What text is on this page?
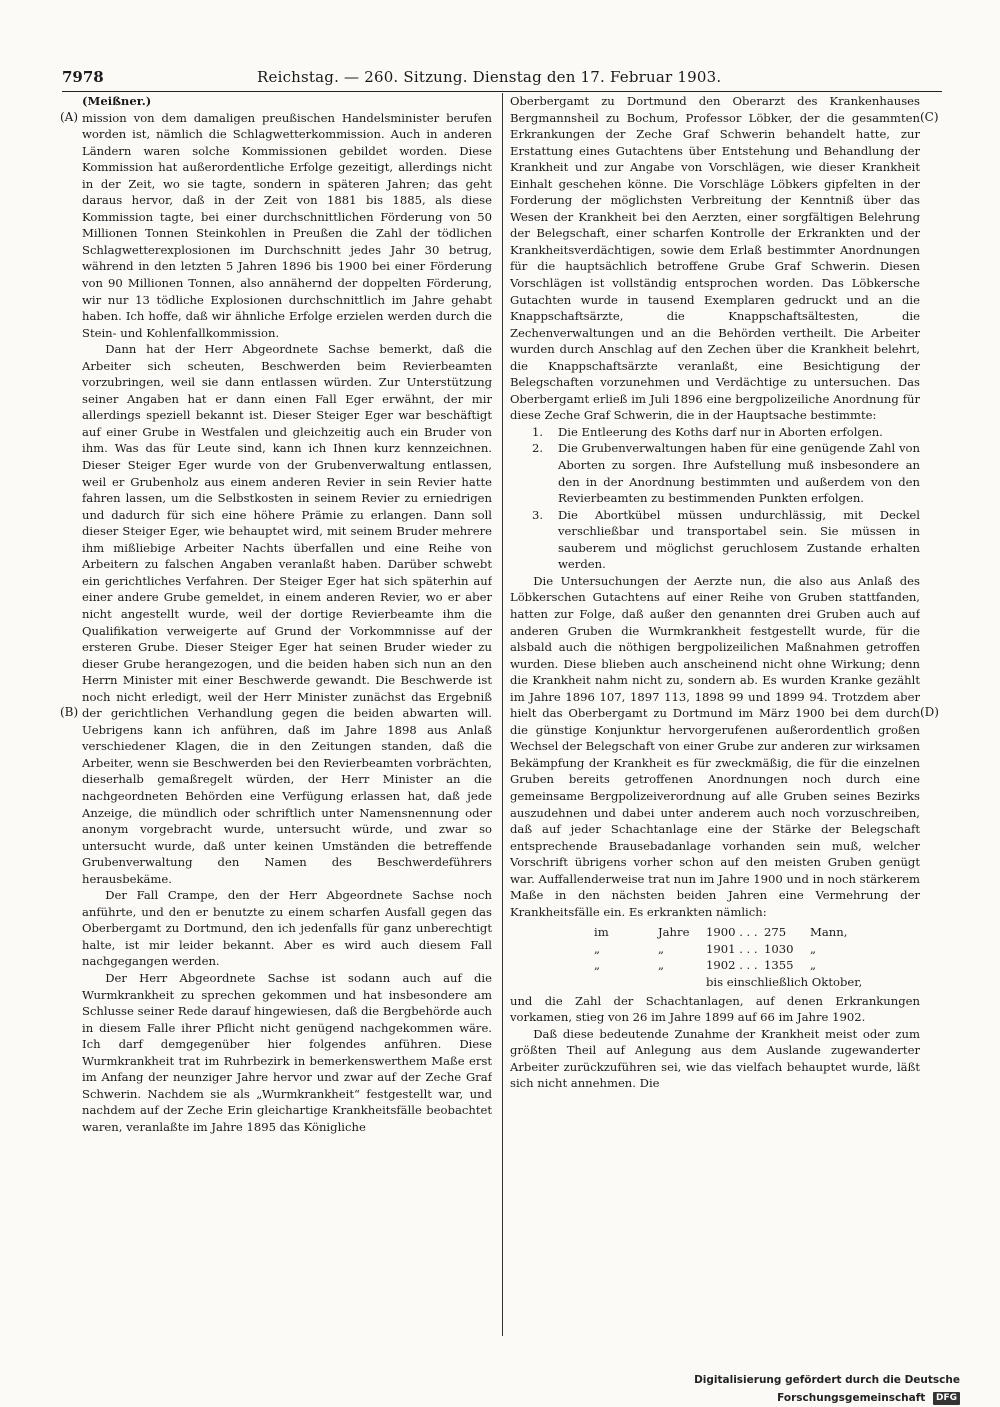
7978	Reichstag. — 260. Sitzung. Dienstag den 17. Februar 1903.
(A)
(B)
(C)
(D)

(Meißner.)

mission von dem damaligen preußischen Handelsminister berufen worden ist, nämlich die Schlagwetterkommission. Auch in anderen Ländern waren solche Kommissionen gebildet worden. Diese Kommission hat außerordentliche Erfolge gezeitigt, allerdings nicht in der Zeit, wo sie tagte, sondern in späteren Jahren; das geht daraus hervor, daß in der Zeit von 1881 bis 1885, als diese Kommission tagte, bei einer durchschnittlichen Förderung von 50 Millionen Tonnen Steinkohlen in Preußen die Zahl der tödlichen Schlagwetterexplosionen im Durchschnitt jedes Jahr 30 betrug, während in den letzten 5 Jahren 1896 bis 1900 bei einer Förderung von 90 Millionen Tonnen, also annähernd der doppelten Förderung, wir nur 13 tödliche Explosionen durchschnittlich im Jahre gehabt haben. Ich hoffe, daß wir ähnliche Erfolge erzielen werden durch die Stein- und Kohlenfallkommission.

Dann hat der Herr Abgeordnete Sachse bemerkt, daß die Arbeiter sich scheuten, Beschwerden beim Revierbeamten vorzubringen, weil sie dann entlassen würden. Zur Unterstützung seiner Angaben hat er dann einen Fall Eger erwähnt, der mir allerdings speziell bekannt ist. Dieser Steiger Eger war beschäftigt auf einer Grube in Westfalen und gleichzeitig auch ein Bruder von ihm. Was das für Leute sind, kann ich Ihnen kurz kennzeichnen. Dieser Steiger Eger wurde von der Grubenverwaltung entlassen, weil er Grubenholz aus einem anderen Revier in sein Revier hatte fahren lassen, um die Selbstkosten in seinem Revier zu erniedrigen und dadurch für sich eine höhere Prämie zu erlangen. Dann soll dieser Steiger Eger, wie behauptet wird, mit seinem Bruder mehrere ihm mißliebige Arbeiter Nachts überfallen und eine Reihe von Arbeitern zu falschen Angaben veranlaßt haben. Darüber schwebt ein gerichtliches Verfahren. Der Steiger Eger hat sich späterhin auf einer andere Grube gemeldet, in einem anderen Revier, wo er aber nicht angestellt wurde, weil der dortige Revierbeamte ihm die Qualifikation verweigerte auf Grund der Vorkommnisse auf der ersteren Grube. Dieser Steiger Eger hat seinen Bruder wieder zu dieser Grube herangezogen, und die beiden haben sich nun an den Herrn Minister mit einer Beschwerde gewandt. Die Beschwerde ist noch nicht erledigt, weil der Herr Minister zunächst das Ergebniß der gerichtlichen Verhandlung gegen die beiden abwarten will. Uebrigens kann ich anführen, daß im Jahre 1898 aus Anlaß verschiedener Klagen, die in den Zeitungen standen, daß die Arbeiter, wenn sie Beschwerden bei den Revierbeamten vorbrächten, dieserhalb gemaßregelt würden, der Herr Minister an die nachgeordneten Behörden eine Verfügung erlassen hat, daß jede Anzeige, die mündlich oder schriftlich unter Namensnennung oder anonym vorgebracht wurde, untersucht würde, und zwar so untersucht wurde, daß unter keinen Umständen die betreffende Grubenverwaltung den Namen des Beschwerdeführers herausbekäme.

Der Fall Crampe, den der Herr Abgeordnete Sachse noch anführte, und den er benutzte zu einem scharfen Ausfall gegen das Oberbergamt zu Dortmund, den ich jedenfalls für ganz unberechtigt halte, ist mir leider bekannt. Aber es wird auch diesem Fall nachgegangen werden.

Der Herr Abgeordnete Sachse ist sodann auch auf die Wurmkrankheit zu sprechen gekommen und hat insbesondere am Schlusse seiner Rede darauf hingewiesen, daß die Bergbehörde auch in diesem Falle ihrer Pflicht nicht genügend nachgekommen wäre. Ich darf demgegenüber hier folgendes anführen. Diese Wurmkrankheit trat im Ruhrbezirk in bemerkenswerthem Maße erst im Anfang der neunziger Jahre hervor und zwar auf der Zeche Graf Schwerin. Nachdem sie als „Wurmkrankheit“ festgestellt war, und nachdem auf der Zeche Erin gleichartige Krankheitsfälle beobachtet waren, veranlaßte im Jahre 1895 das Königliche

Oberbergamt zu Dortmund den Oberarzt des Krankenhauses Bergmannsheil zu Bochum, Professor Löbker, der die gesammten Erkrankungen der Zeche Graf Schwerin behandelt hatte, zur Erstattung eines Gutachtens über Entstehung und Behandlung der Krankheit und zur Angabe von Vorschlägen, wie dieser Krankheit Einhalt geschehen könne. Die Vorschläge Löbkers gipfelten in der Forderung der möglichsten Verbreitung der Kenntniß über das Wesen der Krankheit bei den Aerzten, einer sorgfältigen Belehrung der Belegschaft, einer scharfen Kontrolle der Erkrankten und der Krankheitsverdächtigen, sowie dem Erlaß bestimmter Anordnungen für die hauptsächlich betroffene Grube Graf Schwerin. Diesen Vorschlägen ist vollständig entsprochen worden. Das Löbkersche Gutachten wurde in tausend Exemplaren gedruckt und an die Knappschaftsärzte, die Knappschaftsältesten, die Zechenverwaltungen und an die Behörden vertheilt. Die Arbeiter wurden durch Anschlag auf den Zechen über die Krankheit belehrt, die Knappschaftsärzte veranlaßt, eine Besichtigung der Belegschaften vorzunehmen und Verdächtige zu untersuchen. Das Oberbergamt erließ im Juli 1896 eine bergpolizeiliche Anordnung für diese Zeche Graf Schwerin, die in der Hauptsache bestimmte:

1. Die Entleerung des Koths darf nur in Aborten erfolgen.
2. Die Grubenverwaltungen haben für eine genügende Zahl von Aborten zu sorgen. Ihre Aufstellung muß insbesondere an den in der Anordnung bestimmten und außerdem von den Revierbeamten zu bestimmenden Punkten erfolgen.
3. Die Abortkübel müssen undurchlässig, mit Deckel verschließbar und transportabel sein. Sie müssen in sauberem und möglichst geruchlosem Zustande erhalten werden.

Die Untersuchungen der Aerzte nun, die also aus Anlaß des Löbkerschen Gutachtens auf einer Reihe von Gruben stattfanden, hatten zur Folge, daß außer den genannten drei Gruben auch auf anderen Gruben die Wurmkrankheit festgestellt wurde, für die alsbald auch die nöthigen bergpolizeilichen Maßnahmen getroffen wurden. Diese blieben auch anscheinend nicht ohne Wirkung; denn die Krankheit nahm nicht zu, sondern ab. Es wurden Kranke gezählt im Jahre 1896 107, 1897 113, 1898 99 und 1899 94. Trotzdem aber hielt das Oberbergamt zu Dortmund im März 1900 bei dem durch die günstige Konjunktur hervorgerufenen außerordentlich großen Wechsel der Belegschaft von einer Grube zur anderen zur wirksamen Bekämpfung der Krankheit es für zweckmäßig, die für die einzelnen Gruben bereits getroffenen Anordnungen noch durch eine gemeinsame Bergpolizeiverordnung auf alle Gruben seines Bezirks auszudehnen und dabei unter anderem auch noch vorzuschreiben, daß auf jeder Schachtanlage eine der Stärke der Belegschaft entsprechende Brausebadanlage vorhanden sein muß, welcher Vorschrift übrigens vorher schon auf den meisten Gruben genügt war. Auffallenderweise trat nun im Jahre 1900 und in noch stärkerem Maße in den nächsten beiden Jahren eine Vermehrung der Krankheitsfälle ein. Es erkrankten nämlich:

im	Jahre 1900 . . . 275 Mann,
„	„	1901 . . . 1030 „
„	„	1902 . . . 1355 „
bis einschließlich Oktober,

und die Zahl der Schachtanlagen, auf denen Erkrankungen vorkamen, stieg von 26 im Jahre 1899 auf 66 im Jahre 1902.

Daß diese bedeutende Zunahme der Krankheit meist oder zum größten Theil auf Anlegung aus dem Auslande zugewanderter Arbeiter zurückzuführen sei, wie das vielfach behauptet wurde, läßt sich nicht annehmen. Die

Digitalisierung gefördert durch die Deutsche Forschungsgemeinschaft DFG
